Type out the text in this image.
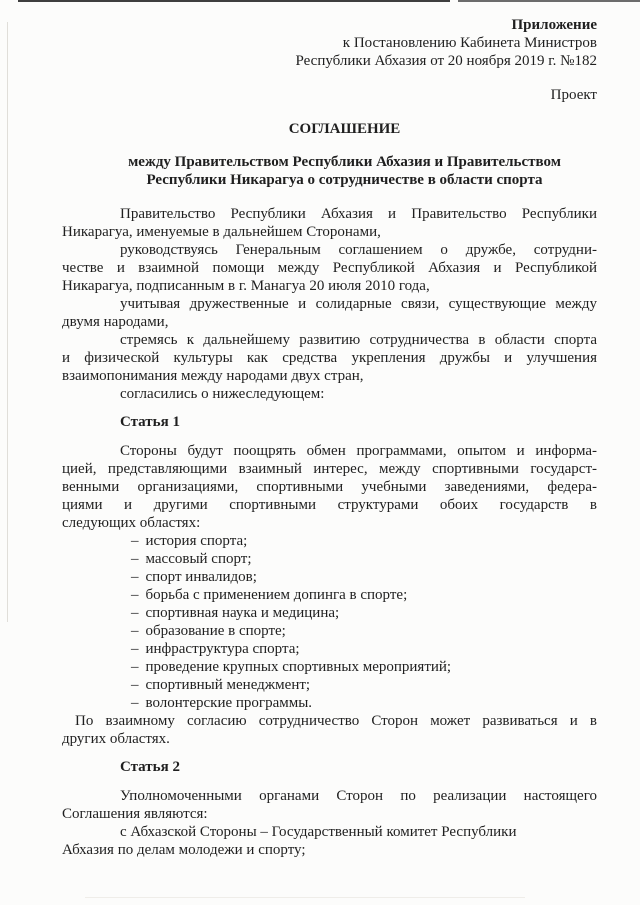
Приложение
к Постановлению Кабинета Министров
Республики Абхазия от 20 ноября 2019 г. №182
Проект
СОГЛАШЕНИЕ
между Правительством Республики Абхазия и Правительством
Республики Никарагуа о сотрудничестве в области спорта
Правительство Республики Абхазия и Правительство Республики
Никарагуа, именуемые в дальнейшем Сторонами,
руководствуясь Генеральным соглашением о дружбе, сотрудни-
честве и взаимной помощи между Республикой Абхазия и Республикой
Никарагуа, подписанным в г. Манагуа 20 июля 2010 года,
учитывая дружественные и солидарные связи, существующие между
двумя народами,
стремясь к дальнейшему развитию сотрудничества в области спорта
и физической культуры как средства укрепления дружбы и улучшения
взаимопонимания между народами двух стран,
согласились о нижеследующем:
Статья 1
Стороны будут поощрять обмен программами, опытом и информа-
цией, представляющими взаимный интерес, между спортивными государст-
венными организациями, спортивными учебными заведениями, федера-
циями и другими спортивными структурами обоих государств в
следующих областях:
– история спорта;
– массовый спорт;
– спорт инвалидов;
– борьба с применением допинга в спорте;
– спортивная наука и медицина;
– образование в спорте;
– инфраструктура спорта;
– проведение крупных спортивных мероприятий;
– спортивный менеджмент;
– волонтерские программы.
По взаимному согласию сотрудничество Сторон может развиваться и в
других областях.
Статья 2
Уполномоченными органами Сторон по реализации настоящего
Соглашения являются:
с Абхазской Стороны – Государственный комитет Республики
Абхазия по делам молодежи и спорту;
